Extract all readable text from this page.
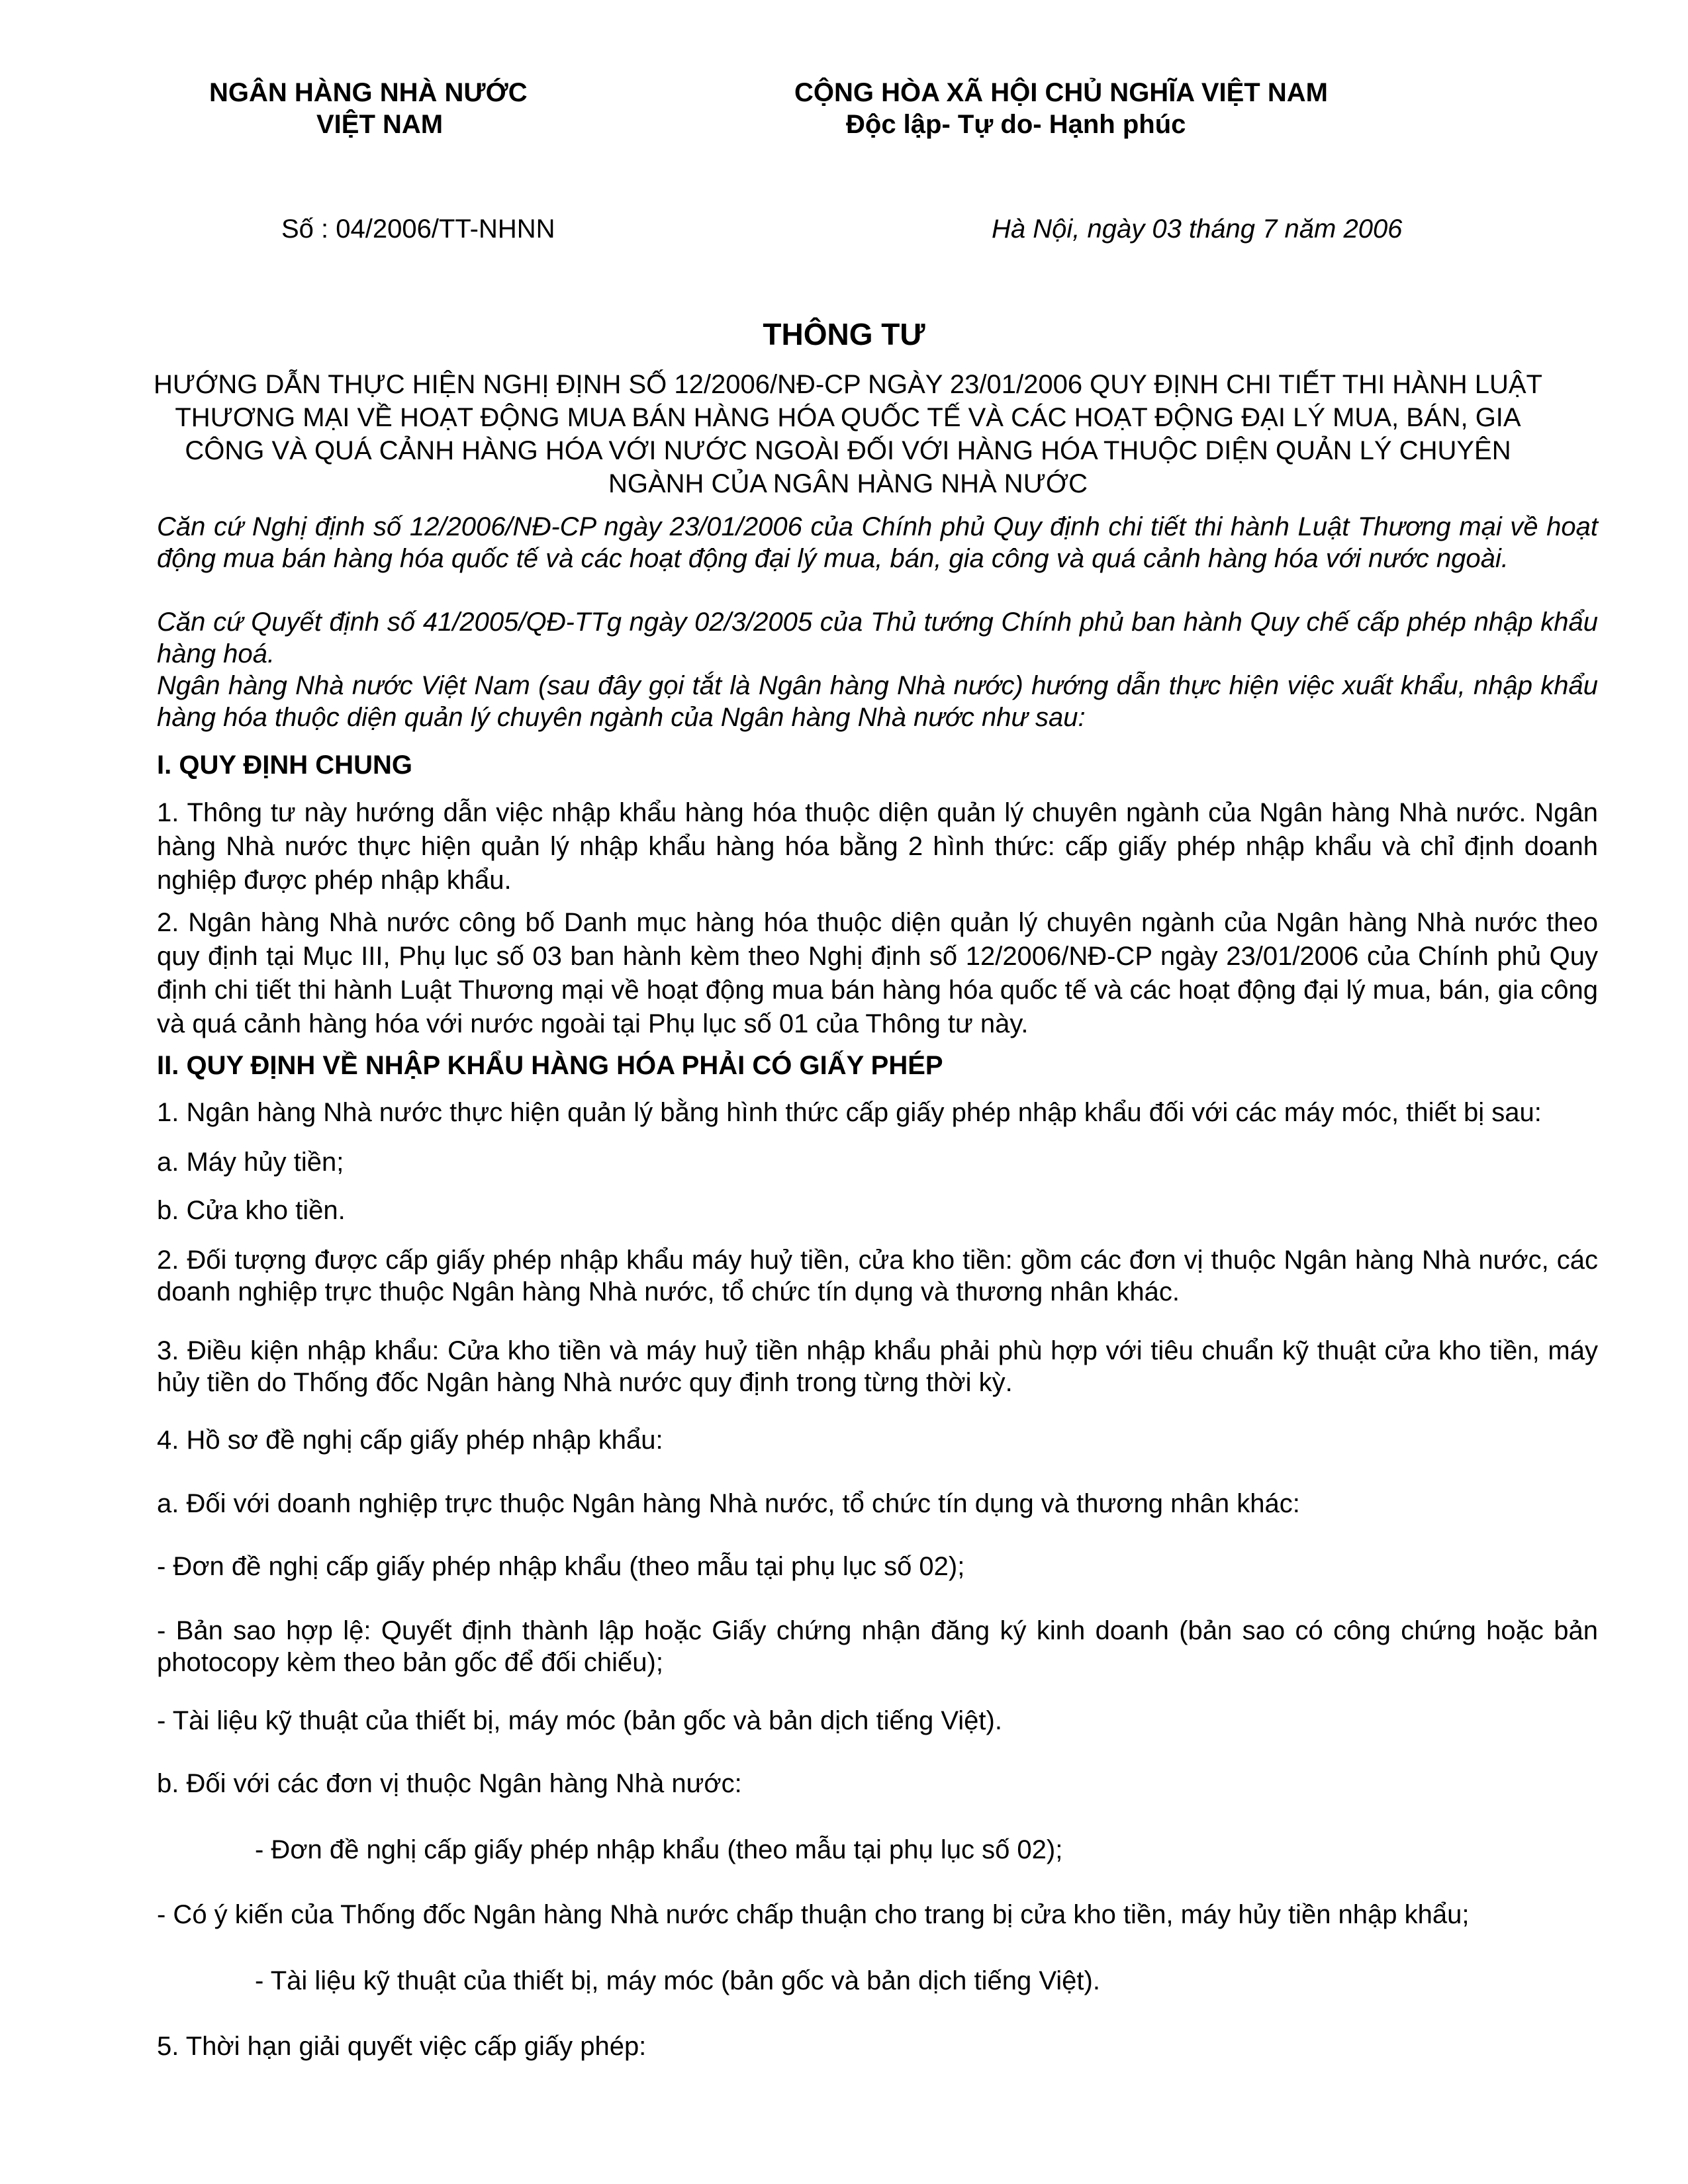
NGÂN HÀNG NHÀ NƯỚC
VIỆT NAM
CỘNG HÒA XÃ HỘI CHỦ NGHĨA VIỆT NAM
Độc lập- Tự do- Hạnh phúc
Số : 04/2006/TT-NHNN	Hà Nội, ngày 03 tháng 7 năm 2006
THÔNG TƯ
HƯỚNG DẪN THỰC HIỆN NGHỊ ĐỊNH SỐ 12/2006/NĐ-CP NGÀY 23/01/2006 QUY ĐỊNH CHI TIẾT THI HÀNH LUẬT
THƯƠNG MẠI VỀ HOẠT ĐỘNG MUA BÁN HÀNG HÓA QUỐC TẾ VÀ CÁC HOẠT ĐỘNG ĐẠI LÝ MUA, BÁN, GIA
CÔNG VÀ QUÁ CẢNH HÀNG HÓA VỚI NƯỚC NGOÀI ĐỐI VỚI HÀNG HÓA THUỘC DIỆN QUẢN LÝ CHUYÊN
NGÀNH CỦA NGÂN HÀNG NHÀ NƯỚC
Căn cứ Nghị định số 12/2006/NĐ-CP ngày 23/01/2006 của Chính phủ Quy định chi tiết thi hành Luật Thương mại về hoạt động mua bán hàng hóa quốc tế và các hoạt động đại lý mua, bán, gia công và quá cảnh hàng hóa với nước ngoài.
Căn cứ Quyết định số 41/2005/QĐ-TTg ngày 02/3/2005 của Thủ tướng Chính phủ ban hành Quy chế cấp phép nhập khẩu hàng hoá.
Ngân hàng Nhà nước Việt Nam (sau đây gọi tắt là Ngân hàng Nhà nước) hướng dẫn thực hiện việc xuất khẩu, nhập khẩu hàng hóa thuộc diện quản lý chuyên ngành của Ngân hàng Nhà nước như sau:
I. QUY ĐỊNH CHUNG
1. Thông tư này hướng dẫn việc nhập khẩu hàng hóa thuộc diện quản lý chuyên ngành của Ngân hàng Nhà nước. Ngân hàng Nhà nước thực hiện quản lý nhập khẩu hàng hóa bằng 2 hình thức: cấp giấy phép nhập khẩu và chỉ định doanh nghiệp được phép nhập khẩu.
2. Ngân hàng Nhà nước công bố Danh mục hàng hóa thuộc diện quản lý chuyên ngành của Ngân hàng Nhà nước theo quy định tại Mục III, Phụ lục số 03 ban hành kèm theo Nghị định số 12/2006/NĐ-CP ngày 23/01/2006 của Chính phủ Quy định chi tiết thi hành Luật Thương mại về hoạt động mua bán hàng hóa quốc tế và các hoạt động đại lý mua, bán, gia công và quá cảnh hàng hóa với nước ngoài tại Phụ lục số 01 của Thông tư này.
II. QUY ĐỊNH VỀ NHẬP KHẨU HÀNG HÓA PHẢI CÓ GIẤY PHÉP
1. Ngân hàng Nhà nước thực hiện quản lý bằng hình thức cấp giấy phép nhập khẩu đối với các máy móc, thiết bị sau:
a. Máy hủy tiền;
b. Cửa kho tiền.
2. Đối tượng được cấp giấy phép nhập khẩu máy huỷ tiền, cửa kho tiền: gồm các đơn vị thuộc Ngân hàng Nhà nước, các doanh nghiệp trực thuộc Ngân hàng Nhà nước, tổ chức tín dụng và thương nhân khác.
3. Điều kiện nhập khẩu: Cửa kho tiền và máy huỷ tiền nhập khẩu phải phù hợp với tiêu chuẩn kỹ thuật cửa kho tiền, máy hủy tiền do Thống đốc Ngân hàng Nhà nước quy định trong từng thời kỳ.
4. Hồ sơ đề nghị cấp giấy phép nhập khẩu:
a. Đối với doanh nghiệp trực thuộc Ngân hàng Nhà nước, tổ chức tín dụng và thương nhân khác:
- Đơn đề nghị cấp giấy phép nhập khẩu (theo mẫu tại phụ lục số 02);
- Bản sao hợp lệ: Quyết định thành lập hoặc Giấy chứng nhận đăng ký kinh doanh (bản sao có công chứng hoặc bản photocopy kèm theo bản gốc để đối chiếu);
- Tài liệu kỹ thuật của thiết bị, máy móc (bản gốc và bản dịch tiếng Việt).
b. Đối với các đơn vị thuộc Ngân hàng Nhà nước:
- Đơn đề nghị cấp giấy phép nhập khẩu (theo mẫu tại phụ lục số 02);
- Có ý kiến của Thống đốc Ngân hàng Nhà nước chấp thuận cho trang bị cửa kho tiền, máy hủy tiền nhập khẩu;
- Tài liệu kỹ thuật của thiết bị, máy móc (bản gốc và bản dịch tiếng Việt).
5. Thời hạn giải quyết việc cấp giấy phép:
